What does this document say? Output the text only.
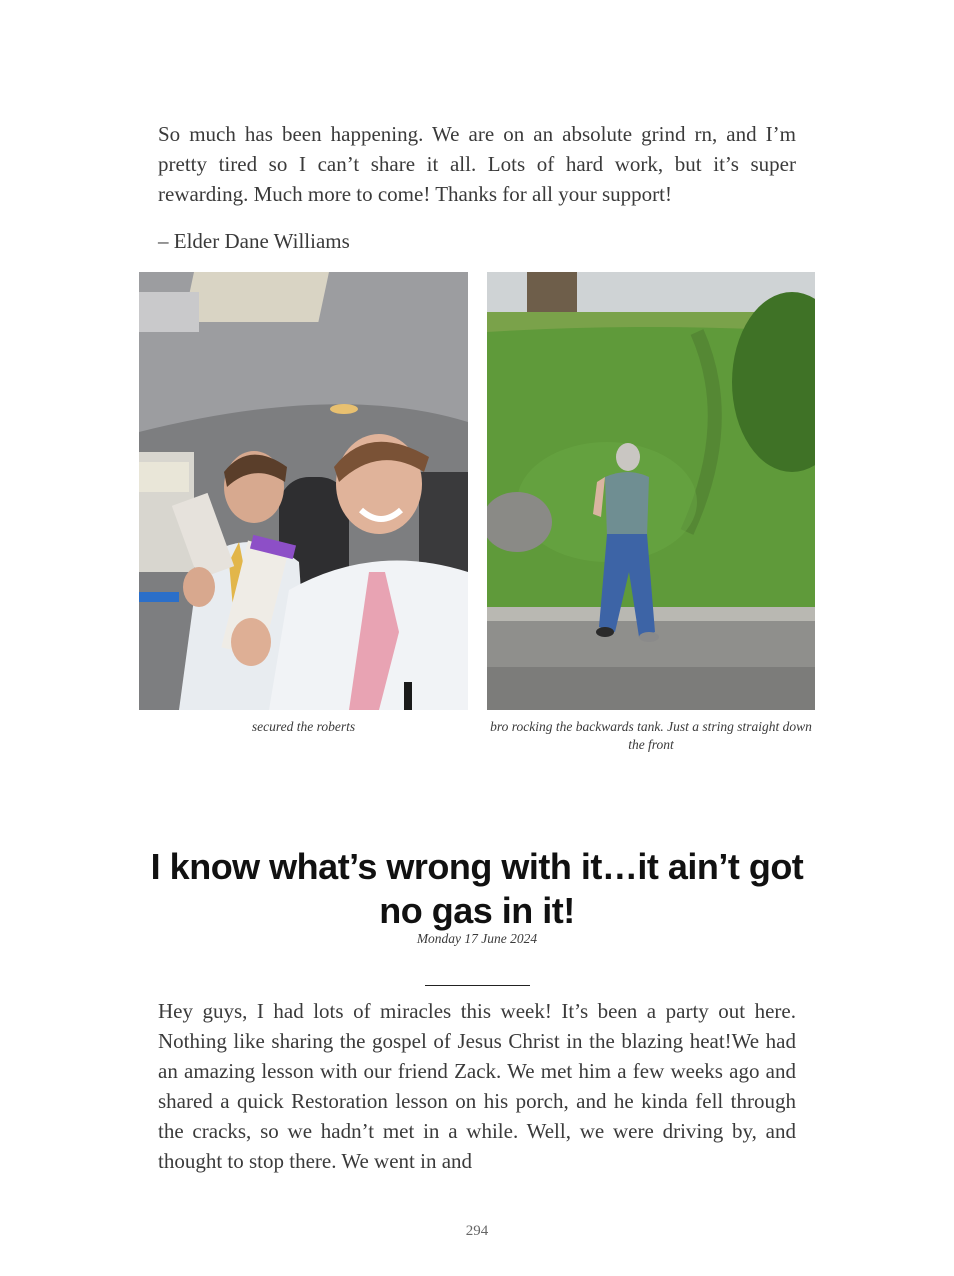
So much has been happening. We are on an absolute grind rn, and I’m pretty tired so I can’t share it all. Lots of hard work, but it’s super rewarding. Much more to come! Thanks for all your support!

– Elder Dane Williams
secured the roberts	bro rocking the backwards tank. Just a string straight down the front
I know what’s wrong with it…it ain’t got no gas in it!
Monday 17 June 2024

Hey guys, I had lots of miracles this week! It’s been a party out here. Nothing like sharing the gospel of Jesus Christ in the blazing heat!We had an amazing lesson with our friend Zack. We met him a few weeks ago and shared a quick Restoration lesson on his porch, and he kinda fell through the cracks, so we hadn’t met in a while. Well, we were driving by, and thought to stop there. We went in and

294
